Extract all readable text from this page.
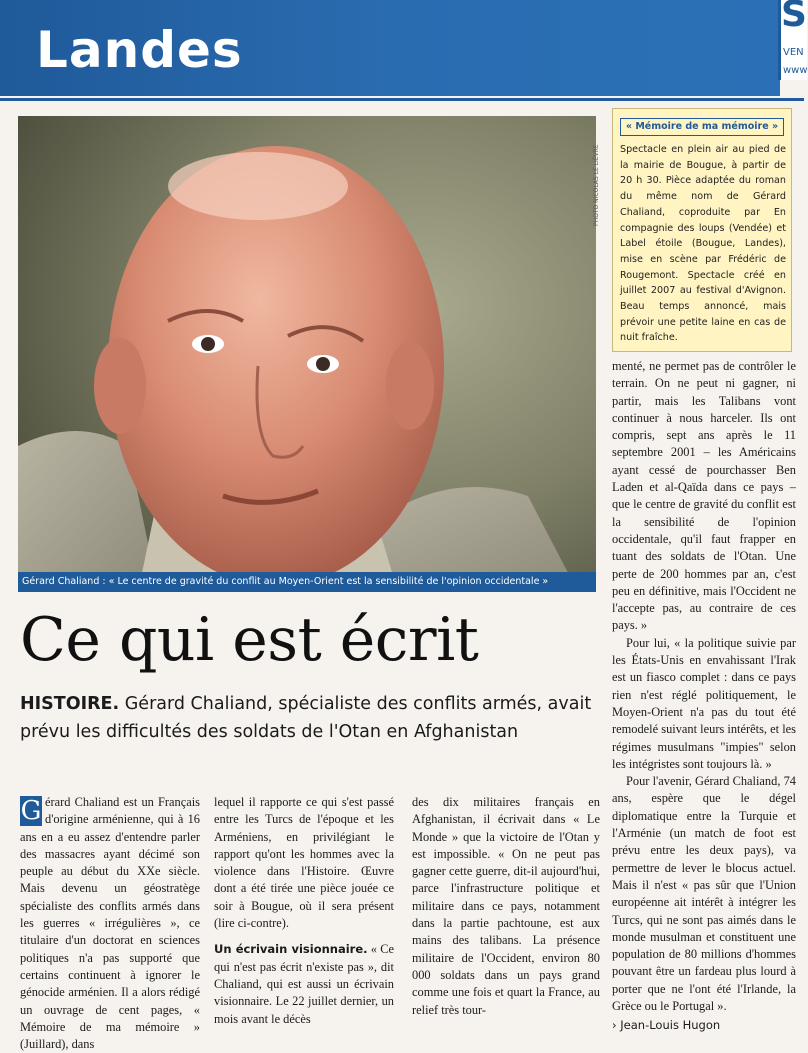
Landes
S
VEN
www
PHOTO NICOLAS LE LIÈVRE
Gérard Chaliand : « Le centre de gravité du conflit au Moyen-Orient est la sensibilité de l'opinion occidentale »
« Mémoire de ma mémoire »
Spectacle en plein air au pied de la mairie de Bougue, à partir de 20 h 30. Pièce adaptée du roman du même nom de Gérard Chaliand, coproduite par En compagnie des loups (Vendée) et Label étoile (Bougue, Landes), mise en scène par Frédéric de Rougemont. Spectacle créé en juillet 2007 au festival d'Avignon. Beau temps annoncé, mais prévoir une petite laine en cas de nuit fraîche.
Ce qui est écrit
HISTOIRE. Gérard Chaliand, spécialiste des conflits armés, avait prévu les difficultés des soldats de l'Otan en Afghanistan
G érard Chaliand est un Français d'origine arménienne, qui à 16 ans en a eu assez d'entendre parler des massacres ayant décimé son peuple au début du XXe siècle. Mais devenu un géostratège spécialiste des conflits armés dans les guerres « irrégulières », ce titulaire d'un doctorat en sciences politiques n'a pas supporté que certains continuent à ignorer le génocide arménien. Il a alors rédigé un ouvrage de cent pages, « Mémoire de ma mémoire » (Juillard), dans

lequel il rapporte ce qui s'est passé entre les Turcs de l'époque et les Arméniens, en privilégiant le rapport qu'ont les hommes avec la violence dans l'Histoire. Œuvre dont a été tirée une pièce jouée ce soir à Bougue, où il sera présent (lire ci-contre).

Un écrivain visionnaire. « Ce qui n'est pas écrit n'existe pas », dit Chaliand, qui est aussi un écrivain visionnaire. Le 22 juillet dernier, un mois avant le décès

des dix militaires français en Afghanistan, il écrivait dans « Le Monde » que la victoire de l'Otan y est impossible. « On ne peut pas gagner cette guerre, dit-il aujourd'hui, parce l'infrastructure politique et militaire dans ce pays, notamment dans la partie pachtoune, est aux mains des talibans. La présence militaire de l'Occident, environ 80 000 soldats dans un pays grand comme une fois et quart la France, au relief très tour-

menté, ne permet pas de contrôler le terrain. On ne peut ni gagner, ni partir, mais les Talibans vont continuer à nous harceler. Ils ont compris, sept ans après le 11 septembre 2001 – les Américains ayant cessé de pourchasser Ben Laden et al-Qaïda dans ce pays – que le centre de gravité du conflit est la sensibilité de l'opinion occidentale, qu'il faut frapper en tuant des soldats de l'Otan. Une perte de 200 hommes par an, c'est peu en définitive, mais l'Occident ne l'accepte pas, au contraire de ces pays. »

Pour lui, « la politique suivie par les États-Unis en envahissant l'Irak est un fiasco complet : dans ce pays rien n'est réglé politiquement, le Moyen-Orient n'a pas du tout été remodelé suivant leurs intérêts, et les régimes musulmans "impies" selon les intégristes sont toujours là. »

Pour l'avenir, Gérard Chaliand, 74 ans, espère que le dégel diplomatique entre la Turquie et l'Arménie (un match de foot est prévu entre les deux pays), va permettre de lever le blocus actuel. Mais il n'est « pas sûr que l'Union européenne ait intérêt à intégrer les Turcs, qui ne sont pas aimés dans le monde musulman et constituent une population de 80 millions d'hommes pouvant être un fardeau plus lourd à porter que ne l'ont été l'Irlande, la Grèce ou le Portugal ».

› Jean-Louis Hugon
